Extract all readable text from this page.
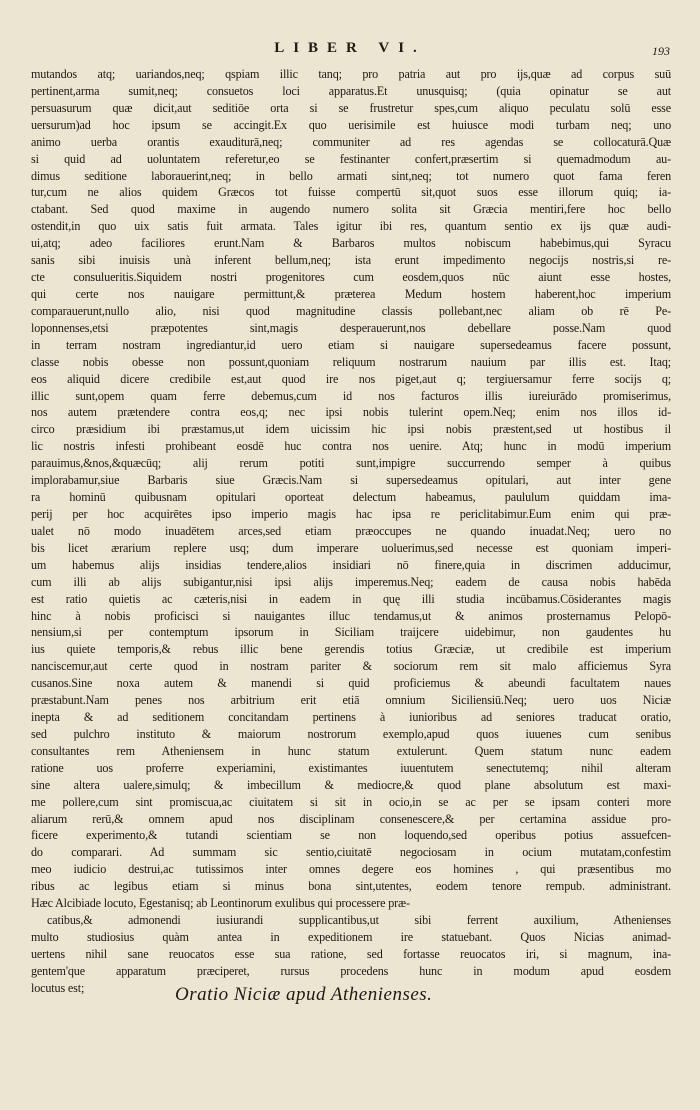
LIBER VI.	193
mutandos atq; uariandos,neq; qspiam illic tanq; pro patria aut pro ijs,quæ ad corpus suū
pertinent,arma sumit,neq; consuetos loci apparatus.Et unusquisq; (quia opinatur se aut
persuasurum quæ dicit,aut seditiōe orta si se frustretur spes,cum aliquo peculatu solū esse
uersurum)ad hoc ipsum se accingit.Ex quo uerisimile est huiusce modi turbam neq; uno
animo uerba orantis exauditurā,neq; communiter ad res agendas se collocaturā.Quæ
si quid ad uoluntatem referetur,eo se festinanter confert,præsertim si quemadmodum au-
dimus seditione laborauerint,neq; in bello armati sint,neq; tot numero quot fama feren
tur,cum ne alios quidem Græcos tot fuisse compertū sit,quot suos esse illorum quiq; ia-
ctabant. Sed quod maxime in augendo numero solita sit Græcia mentiri,fere hoc bello
ostendit,in quo uix satis fuit armata. Tales igitur ibi res, quantum sentio ex ijs quæ audi-
ui,atq; adeo faciliores erunt.Nam & Barbaros multos nobiscum habebimus,qui Syracu
sanis sibi inuisis unà inferent bellum,neq; ista erunt impedimento negocijs nostris,si re-
cte consulueritis.Siquidem nostri progenitores cum eosdem,quos nūc aiunt esse hostes,
qui certe nos nauigare permittunt,& præterea Medum hostem haberent,hoc imperium
comparauerunt,nullo alio, nisi quod magnitudine classis pollebant,nec aliam ob rē Pe-
loponnenses,etsi præpotentes sint,magis desperauerunt,nos debellare posse.Nam quod
in terram nostram ingrediantur,id uero etiam si nauigare supersedeamus facere possunt,
classe nobis obesse non possunt,quoniam reliquum nostrarum nauium par illis est. Itaq;
eos aliquid dicere credibile est,aut quod ire nos piget,aut q; tergiuersamur ferre socijs q;
illic sunt,opem quam ferre debemus,cum id nos facturos illis iureiurādo promiserimus,
nos autem prætendere contra eos,q; nec ipsi nobis tulerint opem.Neq; enim nos illos id-
circo præsidium ibi præstamus,ut idem uicissim hic ipsi nobis præstent,sed ut hostibus il
lic nostris infesti prohibeant eosdē huc contra nos uenire. Atq; hunc in modū imperium
parauimus,&nos,&quæcūq; alij rerum potiti sunt,impigre succurrendo semper à quibus
implorabamur,siue Barbaris siue Græcis.Nam si supersedeamus opitulari, aut inter gene
ra hominū quibusnam opitulari oporteat delectum habeamus, paululum quiddam ima-
perij per hoc acquirētes ipso imperio magis hac ipsa re periclitabimur.Eum enim qui præ-
ualet nō modo inuadētem arces,sed etiam præoccupes ne quando inuadat.Neq; uero no
bis licet ærarium replere usq; dum imperare uoluerimus,sed necesse est quoniam imperi-
um habemus alijs insidias tendere,alios insidiari nō finere,quia in discrimen adducimur,
cum illi ab alijs subigantur,nisi ipsi alijs imperemus.Neq; eadem de causa nobis habēda
est ratio quietis ac cæteris,nisi in eadem in quę illi studia incūbamus.Cōsiderantes magis
hinc à nobis proficisci si nauigantes illuc tendamus,ut & animos prosternamus Pelopō-
nensium,si per contemptum ipsorum in Siciliam traijcere uidebimur, non gaudentes hu
ius quiete temporis,& rebus illic bene gerendis totius Græciæ, ut credibile est imperium
nanciscemur,aut certe quod in nostram pariter & sociorum rem sit malo afficiemus Syra
cusanos.Sine noxa autem & manendi si quid proficiemus & abeundi facultatem naues
præstabunt.Nam penes nos arbitrium erit etiā omnium Siciliensiū.Neq; uero uos Niciæ
inepta & ad seditionem concitandam pertinens à iunioribus ad seniores traducat oratio,
sed pulchro instituto & maiorum nostrorum exemplo,apud quos iuuenes cum senibus
consultantes rem Atheniensem in hunc statum extulerunt. Quem statum nunc eadem
ratione uos proferre experiamini, existimantes iuuentutem senectutemq; nihil alteram
sine altera ualere,simulq; & imbecillum & mediocre,& quod plane absolutum est maxi-
me pollere,cum sint promiscua,ac ciuitatem si sit in ocio,in se ac per se ipsam conteri more
aliarum rerū,& omnem apud nos disciplinam consenescere,& per certamina assidue pro-
ficere experimento,& tutandi scientiam se non loquendo,sed operibus potius assuefcen-
do comparari. Ad summam sic sentio,ciuitatē negociosam in ocium mutatam,confestim
meo iudicio destrui,ac tutissimos inter omnes degere eos homines , qui præsentibus mo
ribus ac legibus etiam si minus bona sint,utentes, eodem tenore rempub. administrant.
Hæc Alcibiade locuto, Egestanisq; ab Leontinorum exulibus qui processere præ-
catibus,& admonendi iusiurandi supplicantibus,ut sibi ferrent auxilium, Athenienses
multo studiosius quàm antea in expeditionem ire statuebant. Quos Nicias animad-
uertens nihil sane reuocatos esse sua ratione, sed fortasse reuocatos iri, si magnum, ina-
gentem'que apparatum præciperet, rursus procedens hunc in modum apud eosdem
locutus est;	Oratio Niciæ apud Athenienses.
